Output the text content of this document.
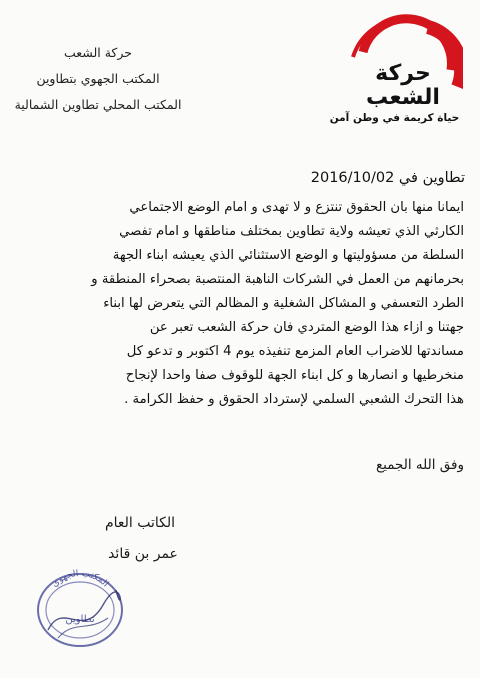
حركة
الشعب
حياة كريمة في وطن آمن
حركة الشعب
المكتب الجهوي بتطاوين
المكتب المحلي تطاوين الشمالية
تطاوين في 2016/10/02

ايمانا منها بان الحقوق تنتزع و لا تهدى و امام الوضع الاجتماعي

الكارثي الذي تعيشه ولاية تطاوين بمختلف مناطقها و امام تفصي

السلطة من مسؤوليتها و الوضع الاستثنائي الذي يعيشه ابناء الجهة

بحرمانهم من العمل في الشركات الناهبة المنتصبة بصحراء المنطقة و

الطرد التعسفي و المشاكل الشغلية و المظالم التي يتعرض لها ابناء

جهتنا و ازاء هذا الوضع المتردي فان حركة الشعب تعبر عن

مساندتها للاضراب العام المزمع تنفيذه يوم 4 اكتوبر و تدعو كل

منخرطيها و انصارها و كل ابناء الجهة للوقوف صفا واحدا لإنجاح

هذا التحرك الشعبي السلمي لإسترداد الحقوق و حفظ الكرامة .

وفق الله الجميع
الكاتب العام
عمر بن قائد
المكتب الجهوي
تطاوين
